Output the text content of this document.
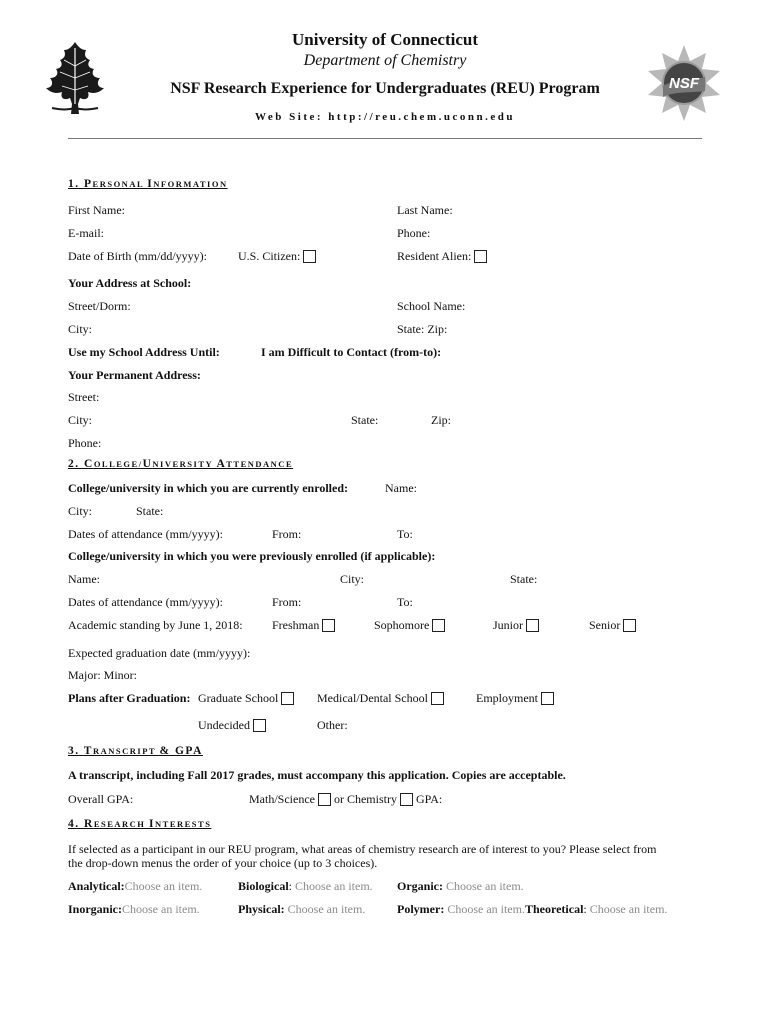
NSF
University of Connecticut
Department of Chemistry
NSF Research Experience for Undergraduates (REU) Program
Web Site: http://reu.chem.uconn.edu
1. PERSONAL INFORMATION
First Name:	Last Name:
E-mail:	Phone:
Date of Birth (mm/dd/yyyy):	U.S. Citizen:	Resident Alien:
Your Address at School:
Street/Dorm:	School Name:
City:	State: Zip:
Use my School Address Until:	I am Difficult to Contact (from-to):
Your Permanent Address:
Street:
City:	State:	Zip:
Phone:
2. COLLEGE/UNIVERSITY ATTENDANCE
College/university in which you are currently enrolled:	Name:
City:	State:
Dates of attendance (mm/yyyy):	From:	To:
College/university in which you were previously enrolled (if applicable):
Name:	City:	State:
Dates of attendance (mm/yyyy):	From:	To:
Academic standing by June 1, 2018: Freshman	Sophomore	Junior	Senior
Expected graduation date (mm/yyyy):
Major: Minor:
Plans after Graduation: Graduate School	Medical/Dental School	Employment
Undecided	Other:
3. TRANSCRIPT & GPA
A transcript, including Fall 2017 grades, must accompany this application. Copies are acceptable.
Overall GPA:	Math/Science or Chemistry GPA:
4. RESEARCH INTERESTS
If selected as a participant in our REU program, what areas of chemistry research are of interest to you? Please select from
the drop-down menus the order of your choice (up to 3 choices).
Analytical:Choose an item.	Biological: Choose an item. Organic: Choose an item.
Inorganic:Choose an item.	Physical: Choose an item.	Polymer: Choose an item.Theoretical: Choose an item.
